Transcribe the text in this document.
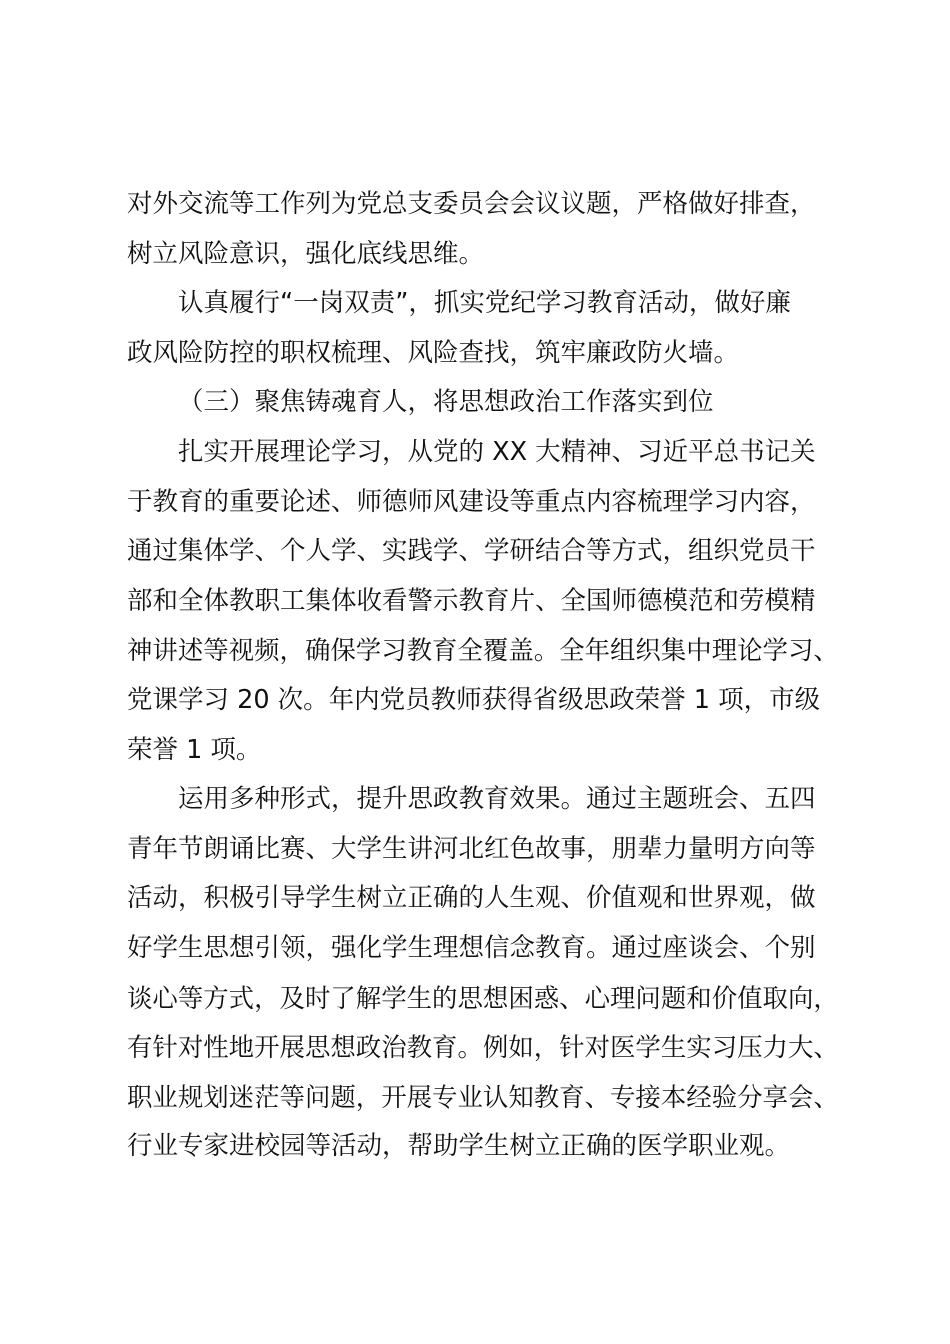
对外交流等工作列为党总支委员会会议议题，严格做好排查，
树立风险意识，强化底线思维。
认真履行“一岗双责”，抓实党纪学习教育活动，做好廉
政风险防控的职权梳理、风险查找，筑牢廉政防火墙。
（三）聚焦铸魂育人，将思想政治工作落实到位
扎实开展理论学习，从党的 XX 大精神、习近平总书记关
于教育的重要论述、师德师风建设等重点内容梳理学习内容，
通过集体学、个人学、实践学、学研结合等方式，组织党员干
部和全体教职工集体收看警示教育片、全国师德模范和劳模精
神讲述等视频，确保学习教育全覆盖。全年组织集中理论学习、
党课学习 20 次。年内党员教师获得省级思政荣誉 1 项，市级
荣誉 1 项。
运用多种形式，提升思政教育效果。通过主题班会、五四
青年节朗诵比赛、大学生讲河北红色故事，朋辈力量明方向等
活动，积极引导学生树立正确的人生观、价值观和世界观，做
好学生思想引领，强化学生理想信念教育。通过座谈会、个别
谈心等方式，及时了解学生的思想困惑、心理问题和价值取向，
有针对性地开展思想政治教育。例如，针对医学生实习压力大、
职业规划迷茫等问题，开展专业认知教育、专接本经验分享会、
行业专家进校园等活动，帮助学生树立正确的医学职业观。
